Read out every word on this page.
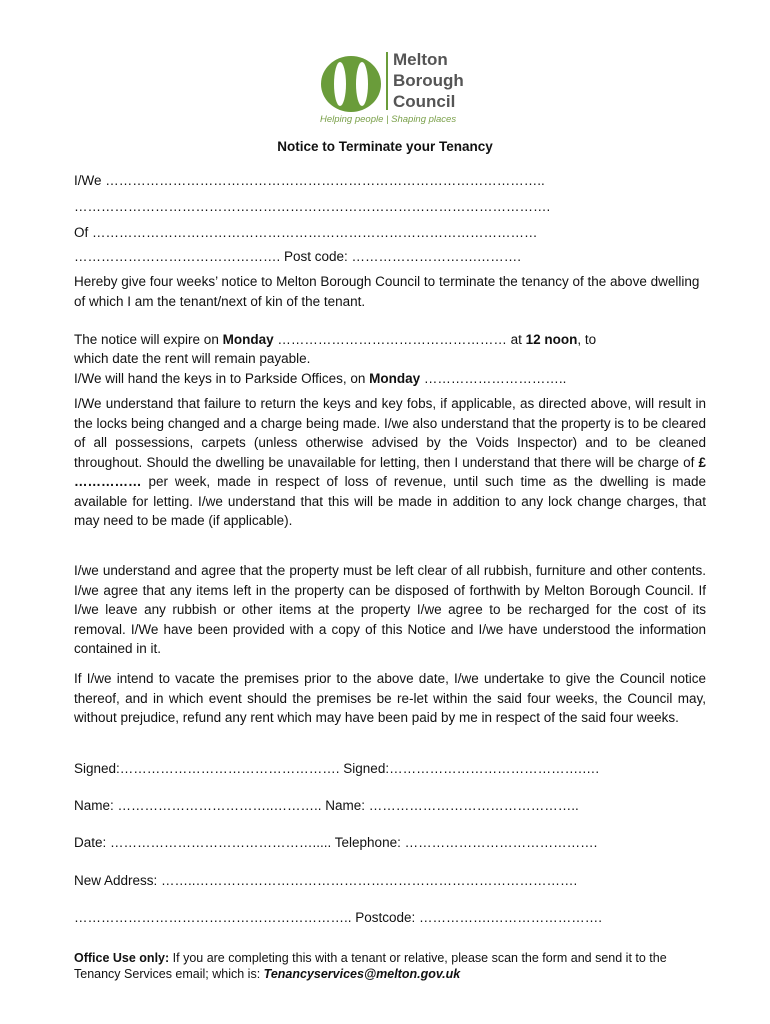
Melton
Borough
Council
Helping people | Shaping places
Notice to Terminate your Tenancy
I/We ……………………………………………………………………………………..
…………………………………………………………………………………………….
Of ………………………………………………………………………………………
………………………………………. Post code: ……………………….……….
Hereby give four weeks’ notice to Melton Borough Council to terminate the tenancy of the above dwelling of which I am the tenant/next of kin of the tenant.
The notice will expire on Monday …………………………………………… at 12 noon, to
which date the rent will remain payable.
I/We will hand the keys in to Parkside Offices, on Monday …………………………..
I/We understand that failure to return the keys and key fobs, if applicable, as directed above, will result in the locks being changed and a charge being made. I/we also understand that the property is to be cleared of all possessions, carpets (unless otherwise advised by the Voids Inspector) and to be cleaned throughout. Should the dwelling be unavailable for letting, then I understand that there will be charge of £ …………… per week, made in respect of loss of revenue, until such time as the dwelling is made available for letting. I/we understand that this will be made in addition to any lock change charges, that may need to be made (if applicable).
I/we understand and agree that the property must be left clear of all rubbish, furniture and other contents. I/we agree that any items left in the property can be disposed of forthwith by Melton Borough Council. If I/we leave any rubbish or other items at the property I/we agree to be recharged for the cost of its removal. I/We have been provided with a copy of this Notice and I/we have understood the information contained in it.
If I/we intend to vacate the premises prior to the above date, I/we undertake to give the Council notice thereof, and in which event should the premises be re-let within the said four weeks, the Council may, without prejudice, refund any rent which may have been paid by me in respect of the said four weeks.
Signed:…………………………………………. Signed:…………………………………….….
Name: ……………………………..……….. Name: ………………………………………..
Date: ………………………………………..... Telephone: …………………………………….
New Address: ……..………………………………………………………………………….
…………………………………………………….. Postcode: …………….…………………….
Office Use only: If you are completing this with a tenant or relative, please scan the form and send it to the Tenancy Services email; which is: Tenancyservices@melton.gov.uk
